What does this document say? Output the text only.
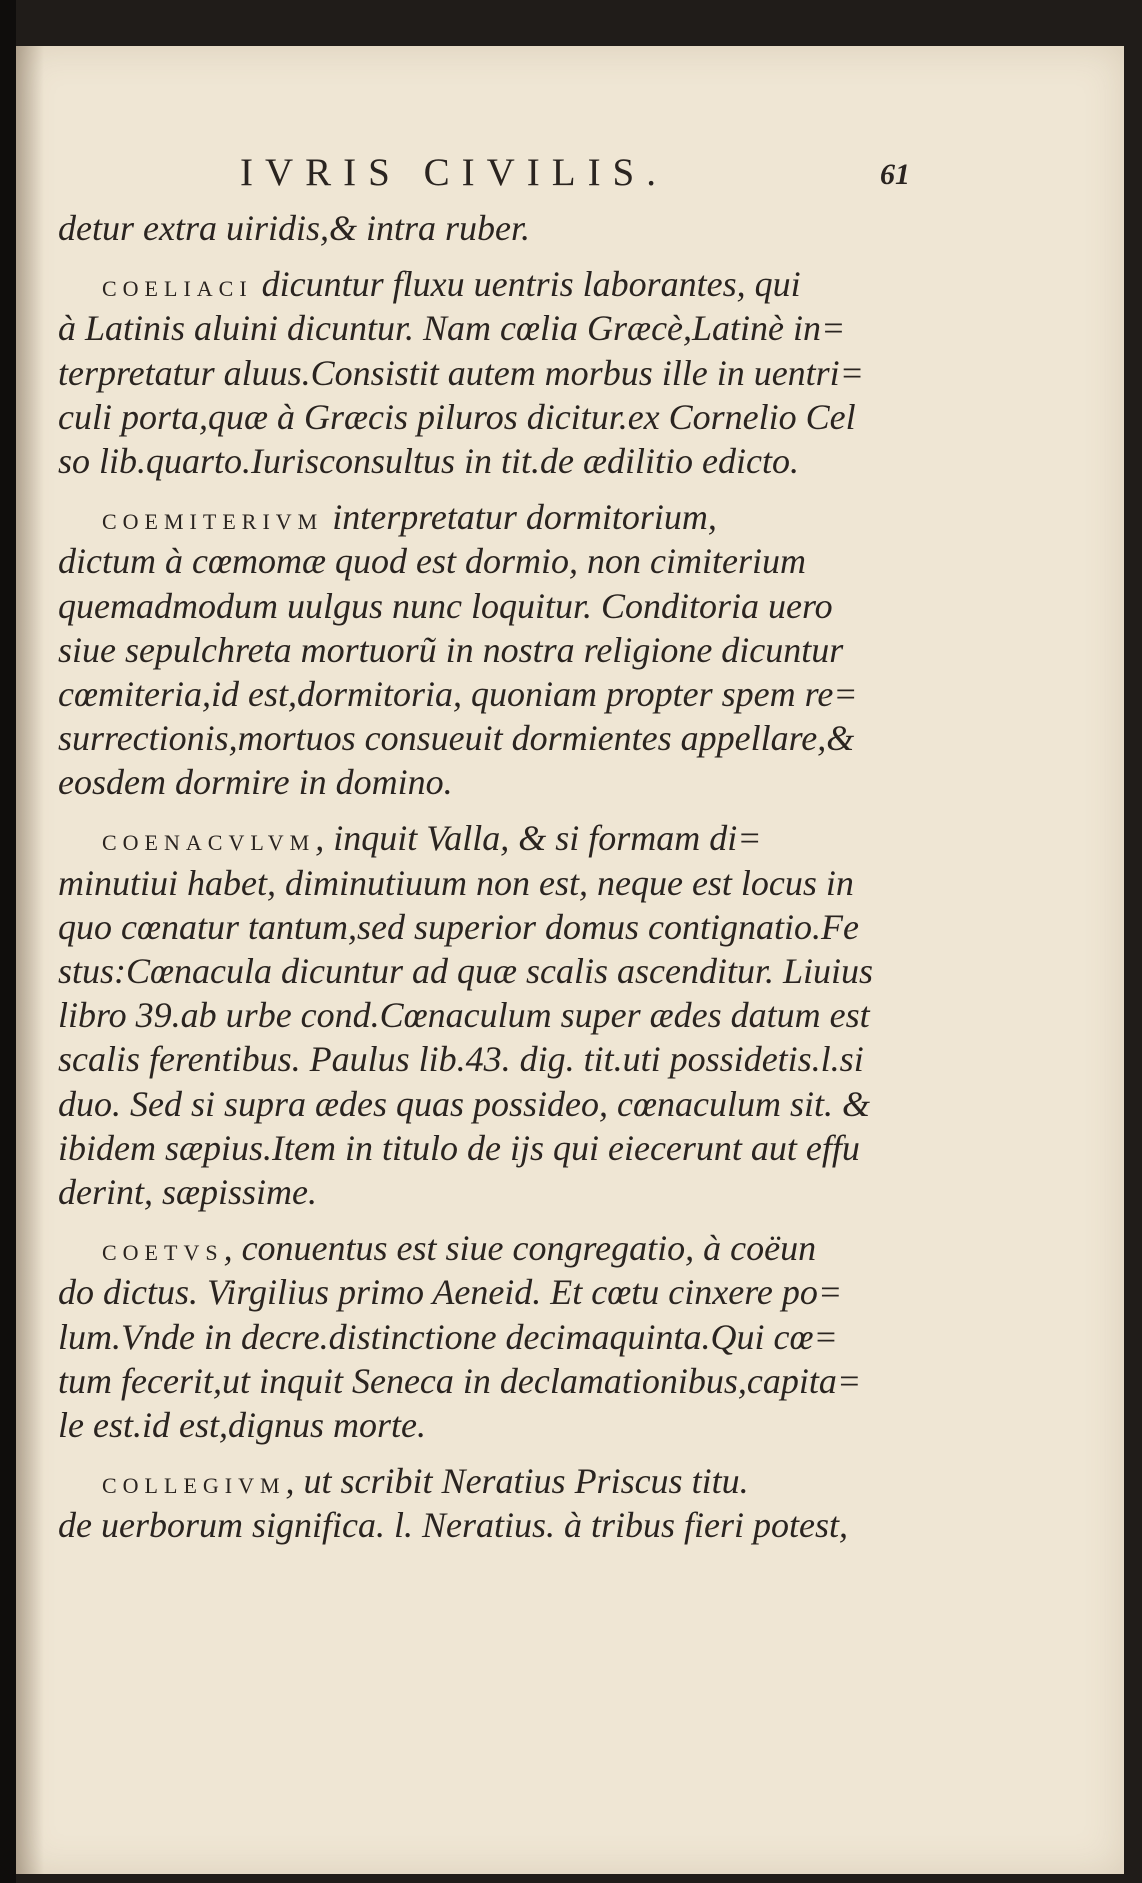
IVRIS CIVILIS.	61
detur extra uiridis,& intra ruber.
COELIACI dicuntur fluxu uentris laborantes, qui
à Latinis aluini dicuntur. Nam cœlia Græcè,Latinè in=
terpretatur aluus.Consistit autem morbus ille in uentri=
culi porta,quæ à Græcis piluros dicitur.ex Cornelio Cel
so lib.quarto.Iurisconsultus in tit.de ædilitio edicto.
COEMITERIVM interpretatur dormitorium,
dictum à cœmomæ quod est dormio, non cimiterium
quemadmodum uulgus nunc loquitur. Conditoria uero
siue sepulchreta mortuorũ in nostra religione dicuntur
cœmiteria,id est,dormitoria, quoniam propter spem re=
surrectionis,mortuos consueuit dormientes appellare,&
eosdem dormire in domino.
COENACVLVM, inquit Valla, & si formam di=
minutiui habet, diminutiuum non est, neque est locus in
quo cœnatur tantum,sed superior domus contignatio.Fe
stus:Cœnacula dicuntur ad quæ scalis ascenditur. Liuius
libro 39.ab urbe cond.Cœnaculum super ædes datum est
scalis ferentibus. Paulus lib.43. dig. tit.uti possidetis.l.si
duo. Sed si supra ædes quas possideo, cœnaculum sit. &
ibidem sæpius.Item in titulo de ijs qui eiecerunt aut effu
derint, sæpissime.
COETVS, conuentus est siue congregatio, à coëun
do dictus. Virgilius primo Aeneid. Et cœtu cinxere po=
lum.Vnde in decre.distinctione decimaquinta.Qui cœ=
tum fecerit,ut inquit Seneca in declamationibus,capita=
le est.id est,dignus morte.
COLLEGIVM, ut scribit Neratius Priscus titu.
de uerborum significa. l. Neratius. à tribus fieri potest,
